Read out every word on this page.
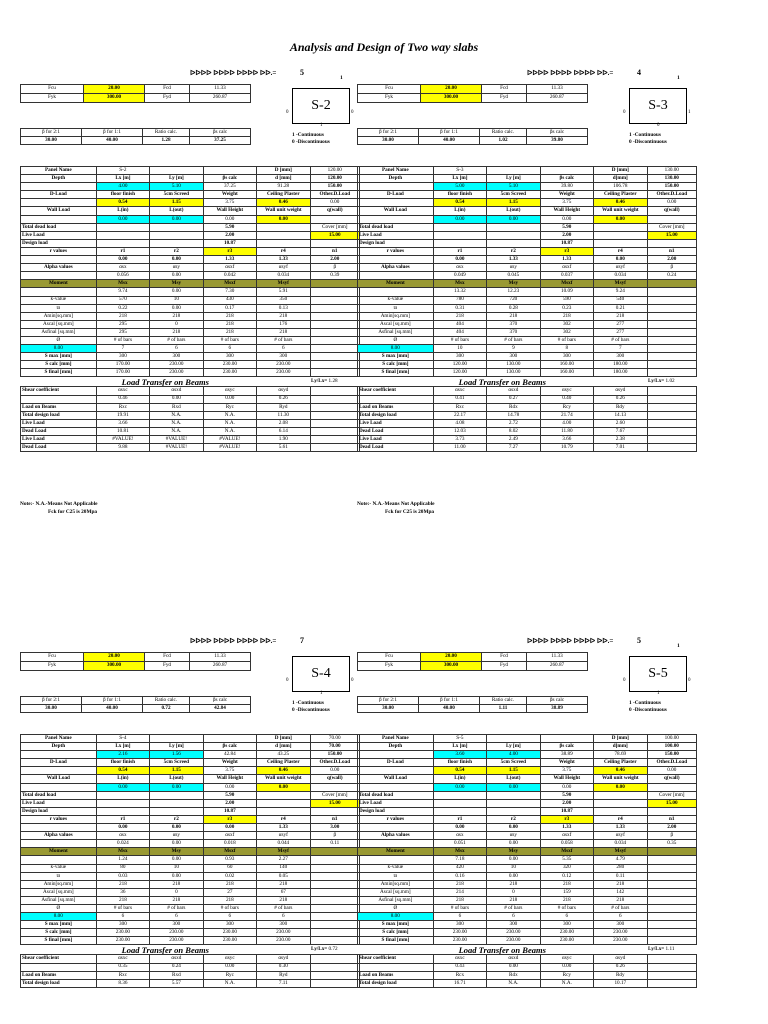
Analysis and Design of Two way slabs
ᐅᐅᐅᐅ ᐅᐅᐅᐅ ᐅᐅᐅᐅ ᐅᐅ.=	5
1
Fcu	20.00	Fcd	11.33
Fyk	300.00	Fyd	260.87
S-2
0	0
1
β for 2:1	β for 1:1	Ratio calc.	βs calc
30.00	40.00	1.28	37.25
1 -Continuous
0 -Discontinuous
Panel Name	S-2			D [mm]	120.00
Depth	Lx [m]	Ly [m]	βs calc	d [mm]	120.00
	4.00	5.10	37.25	91.28	150.00
D-Load	floor finish	5cm Screed	Weight	Ceiling Plaster	Other.D.Load
	0.54	1.15	3.75	0.46	0.00
Wall Load	L(in)	L(out)	Wall Height	Wall unit weight	q(wall)
	0.00	0.00	0.00	0.00	
Total dead load			5.90		Cover [mm]
Live Load			2.00		15.00
Design load			10.87		
r values	r1	r2	r3	r4	n1
	0.00	0.00	1.33	1.33	2.00
Alpha values	αsx	αsy	αsxf	αsyf	β
	0.056	0.00	0.042	0.034	0.39
Moment	Msx	Msy	Msxf	Msyf	
	9.74	0.00	7.30	5.91	
k-value	570	10	430	350	
ϖ	0.22	0.00	0.17	0.13	
Amin[sq.mm]	218	218	218	218	
Ascal [sq.mm]	295	0	218	176	
Asfinal [sq.mm]	295	218	218	218	
Ø	# of bars	# of bars	# of bars	# of bars	
8.00	7	6	6	6	
S max [mm]	300	300	300	300	
S calc [mm]	170.00	230.00	230.00	230.00	
S final [mm]	170.00	230.00	230.00	230.00	
Load Transfer on Beams					Ly/Lx= 1.28
Shear coefficient	αsxc	αsxd	αsyc	αsyd	
	0.46	0.00	0.00	0.26	
Load on Beams	Rxc	Rxd	Ryc	Ryd	
Total design load	19.91	N.A.	N.A.	11.30	
Live Load	3.66	N.A.	N.A.	2.08	
Dead Load	10.81	N.A.	N.A.	6.14	
Live Load	#VALUE!	#VALUE!	#VALUE!	1.90	
Dead Load	9.88	#VALUE!	#VALUE!	5.61	
Note:- N.A.-Means Not Applicable
Fck for C25 is 20Mpa
ᐅᐅᐅᐅ ᐅᐅᐅᐅ ᐅᐅᐅᐅ ᐅᐅ.=	4
1
Fcu	20.00	Fcd	11.33
Fyk	300.00	Fyd	260.87
S-3
0	1
0
β for 2:1	β for 1:1	Ratio calc.	βs calc
30.00	40.00	1.02	39.80
1 -Continuous
0 -Discontinuous
Panel Name	S-3			D [mm]	130.00
Depth	Lx [m]	Ly [m]	βs calc	d[mm]	130.00
	5.00	5.10	39.80	106.78	150.00
D-Load	floor finish	5cm Screed	Weight	Ceiling Plaster	Other.D.Load
	0.54	1.15	3.75	0.46	0.00
Wall Load	L(in)	L(out)	Wall Height	Wall unit weight	q(wall)
	0.00	0.00	0.00	0.00	
Total dead load			5.90		Cover [mm]
Live Load			2.00		15.00
Design load			10.87		
r values	r1	r2	r3	r4	n1
	0.00	1.33	1.33	0.00	2.00
Alpha values	αsx	αsy	αsxf	αsyf	β
	0.049	0.045	0.037	0.034	0.24
Moment	Msx	Msy	Msxf	Msyf	
	13.32	12.23	10.09	9.24	
k-value	780	720	590	540	
ϖ	0.31	0.28	0.23	0.21	
Amin[sq.mm]	218	218	218	218	
Ascal [sq.mm]	404	370	302	277	
Asfinal [sq.mm]	404	370	302	277	
Ø	# of bars	# of bars	# of bars	# of bars	
8.00	10	9	8	7	
S max [mm]	300	300	300	300	
S calc [mm]	120.00	130.00	160.00	180.00	
S final [mm]	120.00	130.00	160.00	180.00	
Load Transfer on Beams					Ly/Lx= 1.02
Shear coefficient	αsxc	αsxd	αsyc	αsyd	
	0.41	0.27	0.40	0.26	
Load on Beams	Rxc	Rdx	Rcy	Rdy	
Total design load	22.17	14.78	21.74	14.13	
Live Load	4.08	2.72	4.00	2.60	
Dead Load	12.03	8.02	11.80	7.67	
Live Load	3.73	2.49	3.66	2.38	
Dead Load	11.00	7.27	10.79	7.01	
Note:- N.A.-Means Not Applicable
Fck for C25 is 20Mpa
ᐅᐅᐅᐅ ᐅᐅᐅᐅ ᐅᐅᐅᐅ ᐅᐅ.=	7
Fcu	20.00	Fcd	11.33
Fyk	300.00	Fyd	260.87
S-4
0	0
1
β for 2:1	β for 1:1	Ratio calc.	βs calc
30.00	40.00	0.72	42.84
1 -Continuous
0 -Discontinuous
Panel Name	S-4			D [mm]	70.00
Depth	Lx [m]	Ly [m]	βs calc	d [mm]	70.00
	2.16	1.56	42.84	43.25	150.00
D-Load	floor finish	5cm Screed	Weight	Ceiling Plaster	Other.D.Load
	0.54	1.15	3.75	0.46	0.00
Wall Load	L(in)	L(out)	Wall Height	Wall unit weight	q(wall)
	0.00	0.00	0.00	0.00	
Total dead load			5.90		Cover [mm]
Live Load			2.00		15.00
Design load			10.87		
r values	r1	r2	r3	r4	n1
	0.00	0.00	0.00	1.33	3.00
Alpha values	αsx	αsy	αsxf	αsyf	β
	0.024	0.00	0.018	0.044	0.11
Moment	Msx	Msy	Msxf	Msyf	
	1.24	0.00	0.93	2.27	
k-value	80	10	60	140	
ϖ	0.03	0.00	0.02	0.05	
Amin[sq.mm]	218	218	218	218	
Ascal [sq.mm]	36	0	27	67	
Asfinal [sq.mm]	218	218	218	218	
Ø	# of bars	# of bars	# of bars	# of bars	
8.00	6	6	6	6	
S max [mm]	300	300	300	300	
S calc [mm]	230.00	230.00	230.00	230.00	
S final [mm]	230.00	230.00	230.00	230.00	
Load Transfer on Beams					Ly/Lx= 0.72
Shear coefficient	αsxc	αsxd	αsyc	αsyd	
	0.35	0.24	0.00	0.30	
Load on Beams	Rxc	Rxd	Ryc	Ryd	
Total design load	8.36	5.57	N.A.	7.11	
ᐅᐅᐅᐅ ᐅᐅᐅᐅ ᐅᐅᐅᐅ ᐅᐅ.=	5
1
Fcu	20.00	Fcd	11.33
Fyk	300.00	Fyd	260.87
S-5
0	0
1
β for 2:1	β for 1:1	Ratio calc.	βs calc
30.00	40.00	1.11	38.89
1 -Continuous
0 -Discontinuous
Panel Name	S-5			D [mm]	100.00
Depth	Lx [m]	Ly [m]	βs calc	d[mm]	100.00
	3.60	4.00	38.89	78.69	150.00
D-Load	floor finish	5cm Screed	Weight	Ceiling Plaster	Other.D.Load
	0.54	1.15	3.75	0.46	0.00
Wall Load	L(in)	L(out)	Wall Height	Wall unit weight	q(wall)
	0.00	0.00	0.00	0.00	
Total dead load			5.90		Cover [mm]
Live Load			2.00		15.00
Design load			10.87		
r values	r1	r2	r3	r4	n1
	0.00	0.00	1.33	1.33	2.00
Alpha values	αsx	αsy	αsxf	αsyf	β
	0.051	0.00	0.058	0.034	0.35
Moment	Msx	Msy	Msxf	Msyf	
	7.18	0.00	5.35	4.79	
k-value	420	10	320	280	
ϖ	0.16	0.00	0.12	0.11	
Amin[sq.mm]	218	218	218	218	
Ascal [sq.mm]	214	0	159	142	
Asfinal [sq.mm]	218	218	218	218	
Ø	# of bars	# of bars	# of bars	# of bars	
8.00	6	6	6	6	
S max [mm]	300	300	300	300	
S calc [mm]	230.00	230.00	230.00	230.00	
S final [mm]	230.00	230.00	230.00	230.00	
Load Transfer on Beams					Ly/Lx= 1.11
Shear coefficient	αsxc	αsxd	αsyc	αsyd	
	0.43	0.00	0.00	0.26	
Load on Beams	Rcx	Rdx	Rcy	Rdy	
Total design load	16.71	N.A.	N.A.	10.17	
